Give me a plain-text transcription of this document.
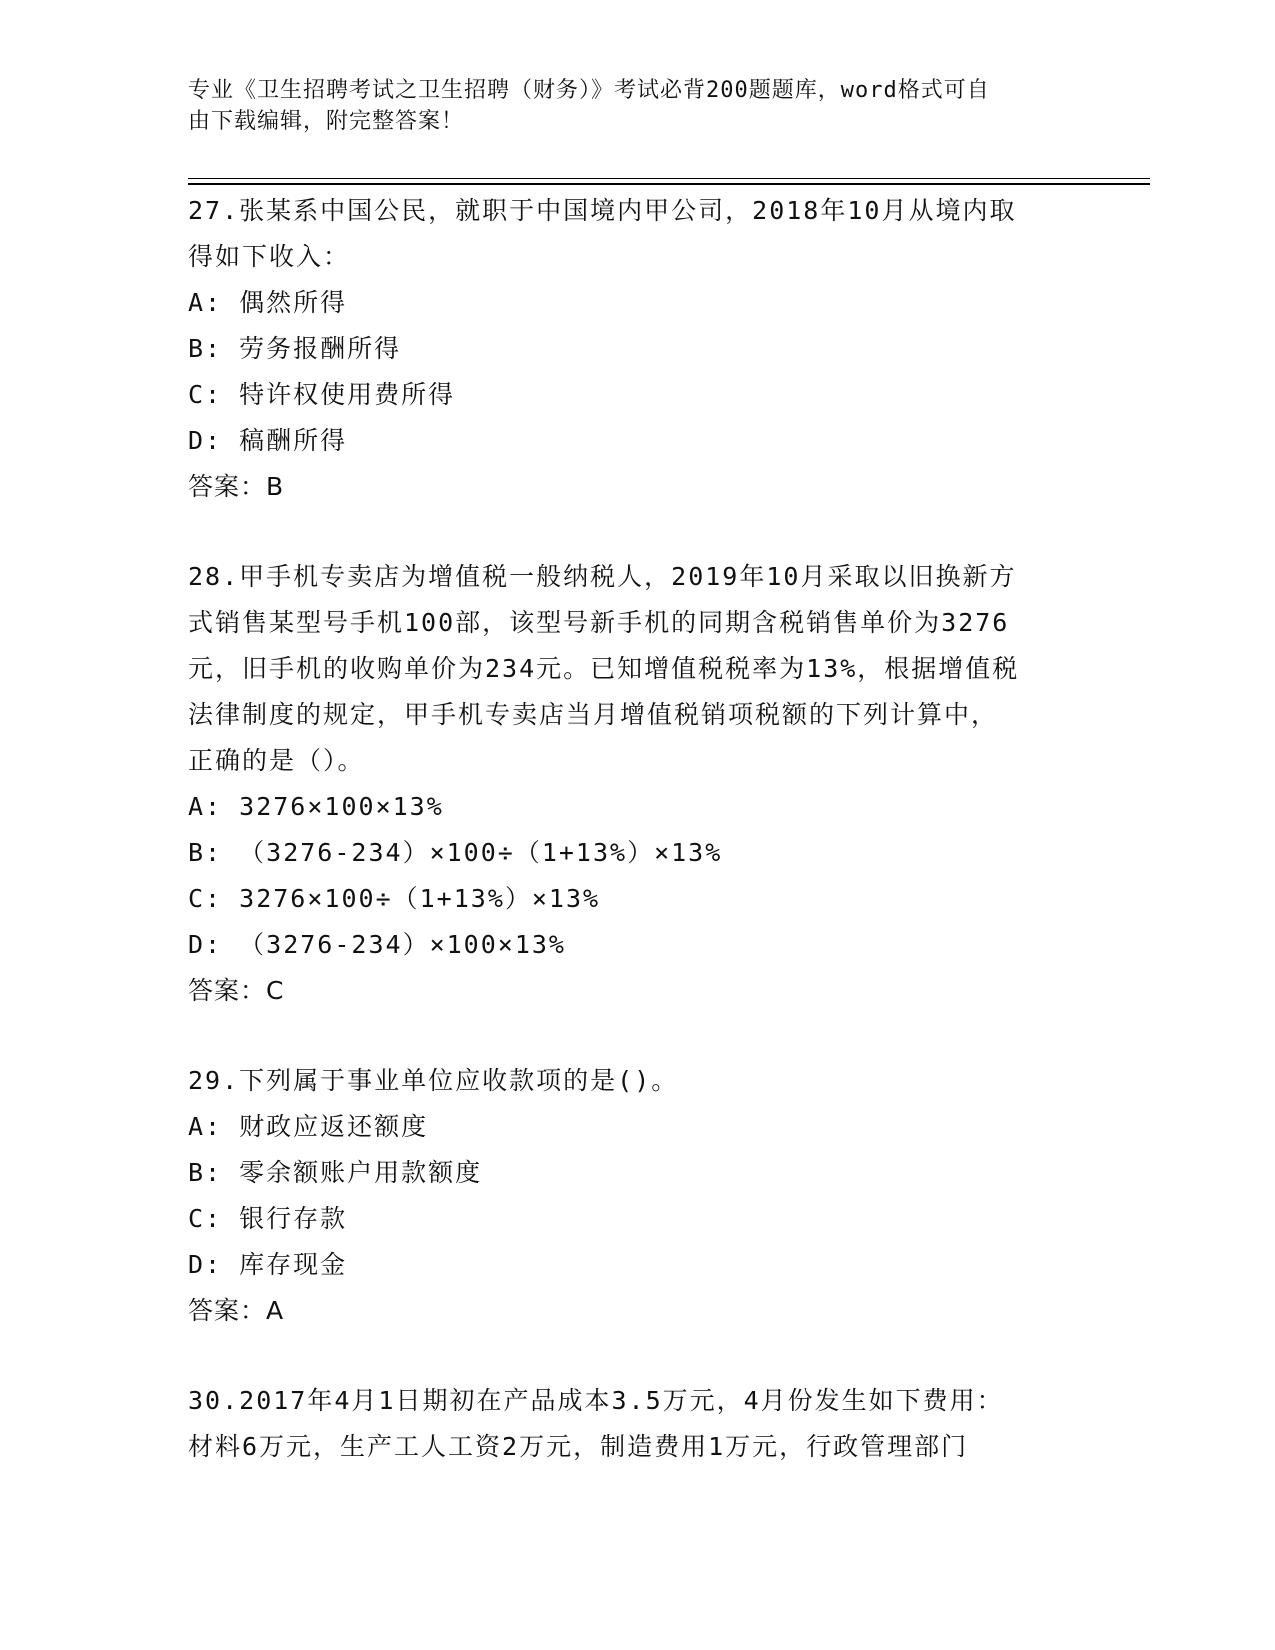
专业《卫生招聘考试之卫生招聘（财务）》考试必背200题题库，word格式可自
由下载编辑，附完整答案！

27.张某系中国公民，就职于中国境内甲公司，2018年10月从境内取

得如下收入：

A: 偶然所得

B: 劳务报酬所得

C: 特许权使用费所得

D: 稿酬所得

答案：B

28.甲手机专卖店为增值税一般纳税人，2019年10月采取以旧换新方

式销售某型号手机100部，该型号新手机的同期含税销售单价为3276

元，旧手机的收购单价为234元。已知增值税税率为13%，根据增值税

法律制度的规定，甲手机专卖店当月增值税销项税额的下列计算中，

正确的是（）。

A: 3276×100×13%

B: （3276-234）×100÷（1+13%）×13%

C: 3276×100÷（1+13%）×13%

D: （3276-234）×100×13%

答案：C

29.下列属于事业单位应收款项的是()。

A: 财政应返还额度

B: 零余额账户用款额度

C: 银行存款

D: 库存现金

答案：A

30.2017年4月1日期初在产品成本3.5万元，4月份发生如下费用：

材料6万元，生产工人工资2万元，制造费用1万元，行政管理部门
